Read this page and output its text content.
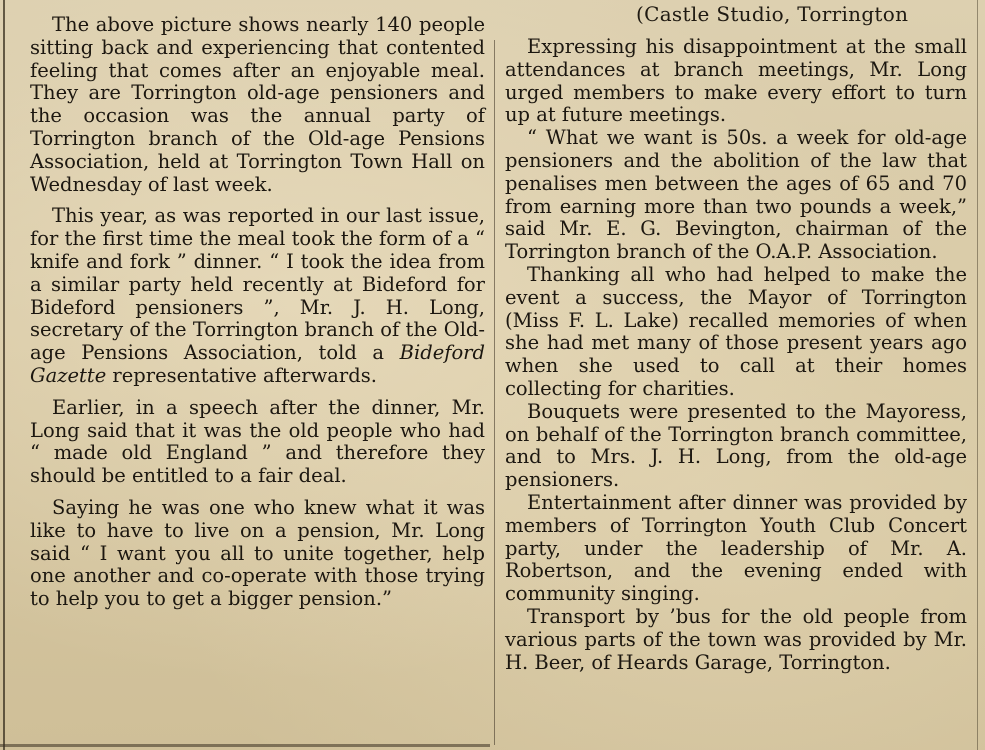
(Castle Studio, Torrington

The above picture shows nearly 140 people sitting back and experiencing that contented feeling that comes after an enjoyable meal. They are Torrington old-age pensioners and the occasion was the annual party of Torrington branch of the Old-age Pensions Association, held at Torrington Town Hall on Wednesday of last week.

This year, as was reported in our last issue, for the first time the meal took the form of a “ knife and fork ” dinner. “ I took the idea from a similar party held recently at Bideford for Bideford pensioners ”, Mr. J. H. Long, secretary of the Torrington branch of the Old-age Pensions Association, told a Bideford Gazette representative afterwards.

Earlier, in a speech after the dinner, Mr. Long said that it was the old people who had “ made old England ” and therefore they should be entitled to a fair deal.

Saying he was one who knew what it was like to have to live on a pension, Mr. Long said “ I want you all to unite together, help one another and co-operate with those trying to help you to get a bigger pension.”

Expressing his disappointment at the small attendances at branch meetings, Mr. Long urged members to make every effort to turn up at future meetings.

“ What we want is 50s. a week for old-age pensioners and the abolition of the law that penalises men between the ages of 65 and 70 from earning more than two pounds a week,” said Mr. E. G. Bevington, chairman of the Torrington branch of the O.A.P. Association.

Thanking all who had helped to make the event a success, the Mayor of Torrington (Miss F. L. Lake) recalled memories of when she had met many of those present years ago when she used to call at their homes collecting for charities.

Bouquets were presented to the Mayoress, on behalf of the Torrington branch committee, and to Mrs. J. H. Long, from the old-age pensioners.

Entertainment after dinner was provided by members of Torrington Youth Club Concert party, under the leadership of Mr. A. Robertson, and the evening ended with community singing.

Transport by ’bus for the old people from various parts of the town was provided by Mr. H. Beer, of Heards Garage, Torrington.
